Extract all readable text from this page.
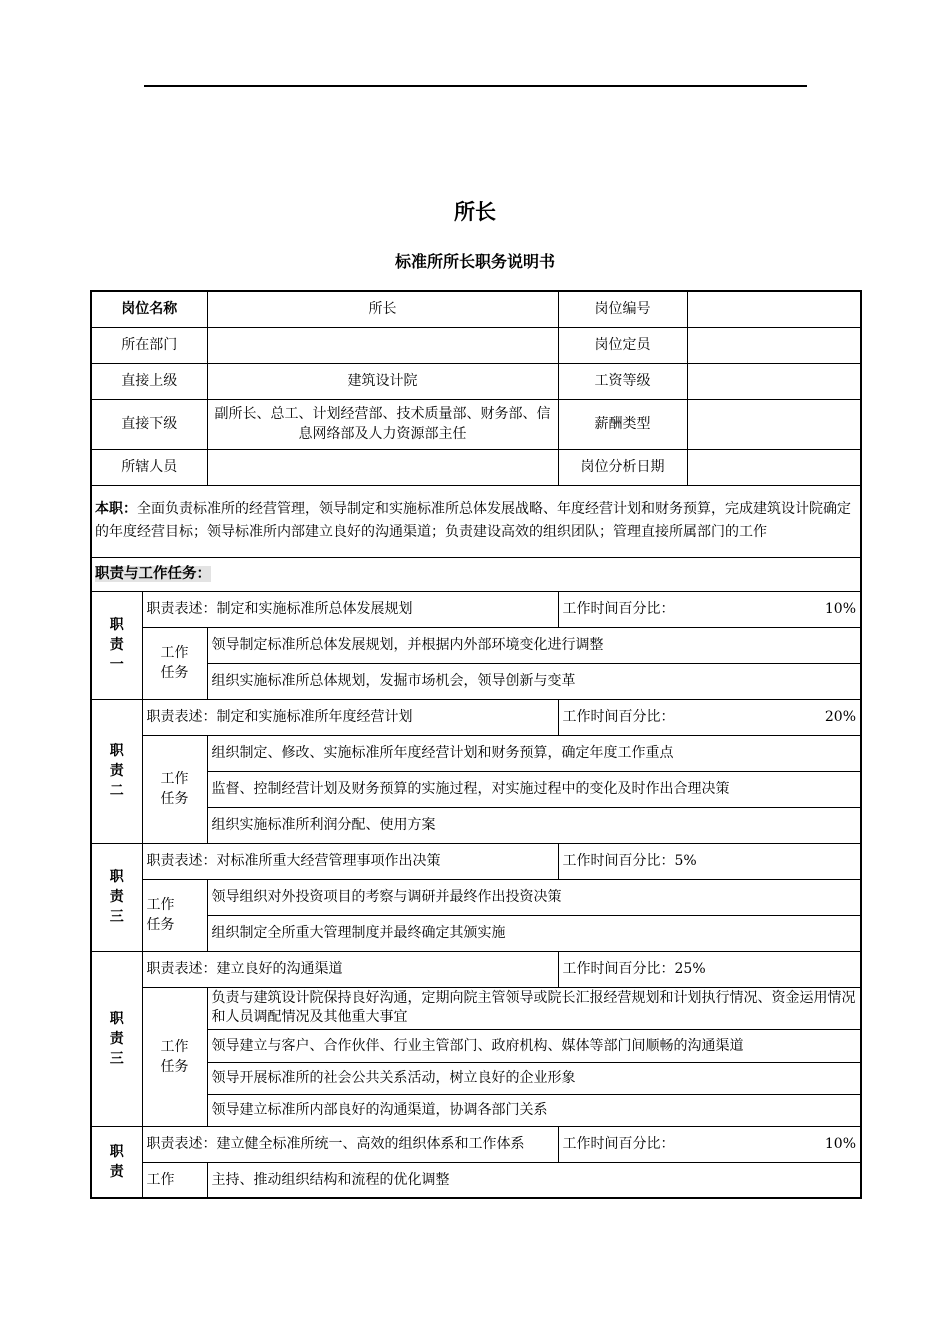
所长
标准所所长职务说明书
岗位名称		所长	岗位编号	
所在部门			岗位定员	
直接上级		建筑设计院	工资等级	
直接下级		副所长、总工、计划经营部、技术质量部、财务部、信息网络部及人力资源部主任	薪酬类型	
所辖人员			岗位分析日期	
本职：全面负责标准所的经营管理，领导制定和实施标准所总体发展战略、年度经营计划和财务预算，完成建筑设计院确定的年度经营目标；领导标准所内部建立良好的沟通渠道；负责建设高效的组织团队；管理直接所属部门的工作				
职责与工作任务：				
职责一	职责表述：制定和实施标准所总体发展规划		工作时间百分比： 10%	

	工作任务	领导制定标准所总体发展规划，并根据内外部环境变化进行调整		
		组织实施标准所总体规划，发掘市场机会，领导创新与变革		
职责二	职责表述：制定和实施标准所年度经营计划		工作时间百分比： 20%	

	工作任务	组织制定、修改、实施标准所年度经营计划和财务预算，确定年度工作重点		
		监督、控制经营计划及财务预算的实施过程，对实施过程中的变化及时作出合理决策		
		组织实施标准所利润分配、使用方案		
职责三	职责表述：对标准所重大经营管理事项作出决策		工作时间百分比： 5%	
	工作任务	领导组织对外投资项目的考察与调研并最终作出投资决策		
		组织制定全所重大管理制度并最终确定其颁实施		
职责三	职责表述：建立良好的沟通渠道		工作时间百分比： 25%	
	工作任务	负责与建筑设计院保持良好沟通，定期向院主管领导或院长汇报经营规划和计划执行情况、资金运用情况和人员调配情况及其他重大事宜		
		领导建立与客户、合作伙伴、行业主管部门、政府机构、媒体等部门间顺畅的沟通渠道		
		领导开展标准所的社会公共关系活动，树立良好的企业形象		
		领导建立标准所内部良好的沟通渠道，协调各部门关系		
职责	职责表述：建立健全标准所统一、高效的组织体系和工作体系		工作时间百分比： 10%	

	工作	主持、推动组织结构和流程的优化调整		
